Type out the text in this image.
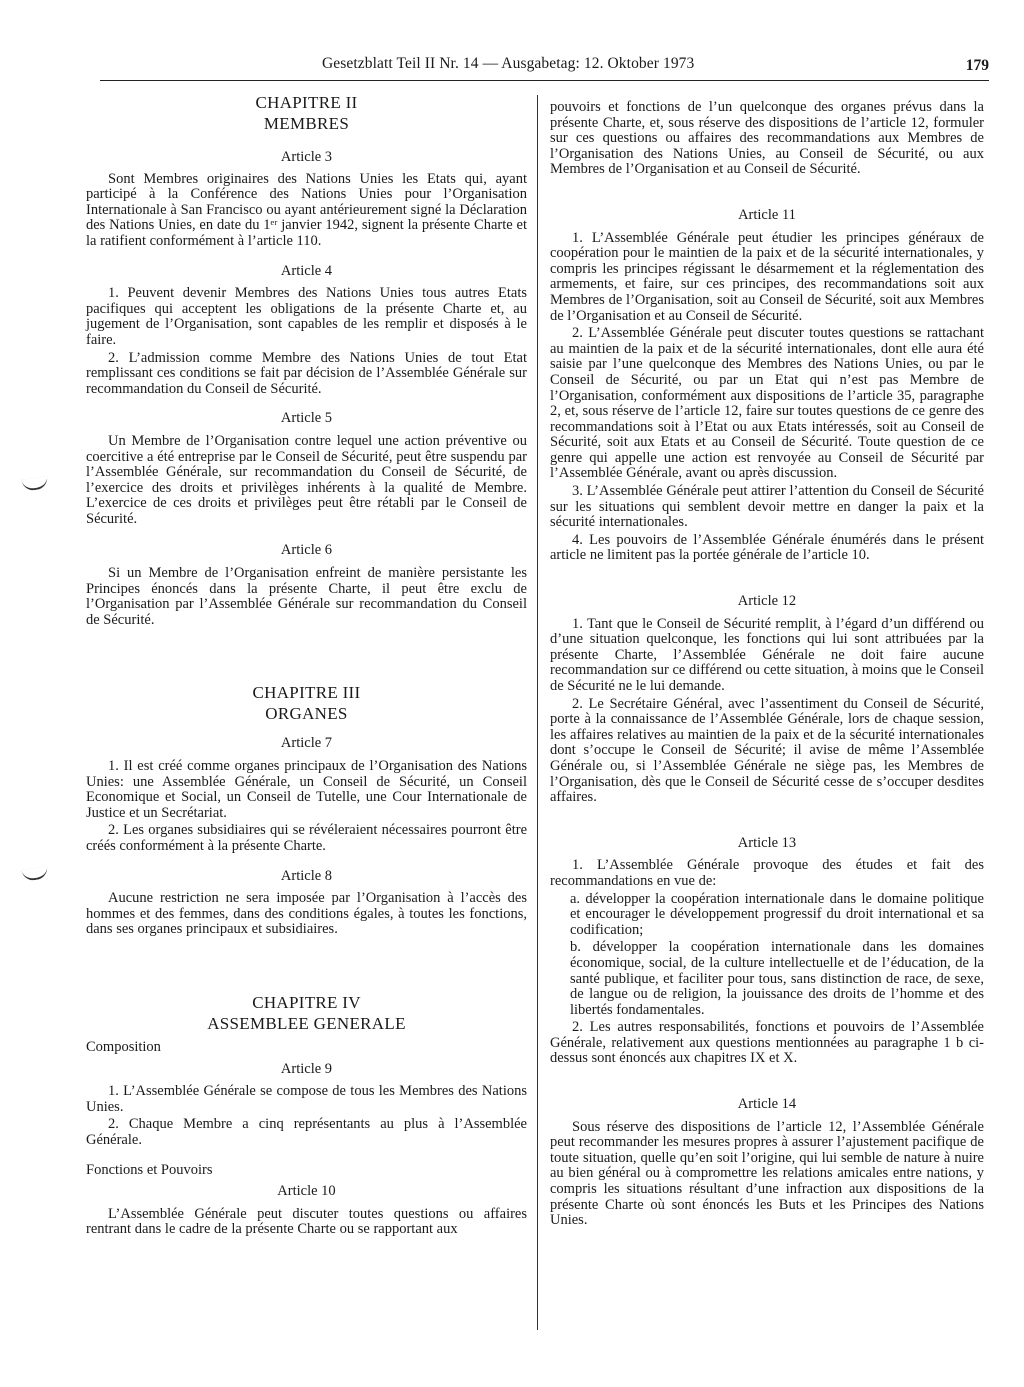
Gesetzblatt Teil II Nr. 14 — Ausgabetag: 12. Oktober 1973	179
CHAPITRE II
MEMBRES

Article 3

Sont Membres originaires des Nations Unies les Etats qui, ayant participé à la Conférence des Nations Unies pour l’Organisation Internationale à San Francisco ou ayant antérieurement signé la Déclaration des Nations Unies, en date du 1ᵉʳ janvier 1942, signent la présente Charte et la ratifient conformément à l’article 110.

Article 4

1. Peuvent devenir Membres des Nations Unies tous autres Etats pacifiques qui acceptent les obligations de la présente Charte et, au jugement de l’Organisation, sont capables de les remplir et disposés à le faire.

2. L’admission comme Membre des Nations Unies de tout Etat remplissant ces conditions se fait par décision de l’Assemblée Générale sur recommandation du Conseil de Sécurité.

Article 5

Un Membre de l’Organisation contre lequel une action préventive ou coercitive a été entreprise par le Conseil de Sécurité, peut être suspendu par l’Assemblée Générale, sur recommandation du Conseil de Sécurité, de l’exercice des droits et privilèges inhérents à la qualité de Membre. L’exercice de ces droits et privilèges peut être rétabli par le Conseil de Sécurité.

Article 6

Si un Membre de l’Organisation enfreint de manière persistante les Principes énoncés dans la présente Charte, il peut être exclu de l’Organisation par l’Assemblée Générale sur recommandation du Conseil de Sécurité.

CHAPITRE III
ORGANES

Article 7

1. Il est créé comme organes principaux de l’Organisation des Nations Unies: une Assemblée Générale, un Conseil de Sécurité, un Conseil Economique et Social, un Conseil de Tutelle, une Cour Internationale de Justice et un Secrétariat.

2. Les organes subsidiaires qui se révéleraient nécessaires pourront être créés conformément à la présente Charte.

Article 8

Aucune restriction ne sera imposée par l’Organisation à l’accès des hommes et des femmes, dans des conditions égales, à toutes les fonctions, dans ses organes principaux et subsidiaires.

CHAPITRE IV
ASSEMBLEE GENERALE

Composition

Article 9

1. L’Assemblée Générale se compose de tous les Membres des Nations Unies.

2. Chaque Membre a cinq représentants au plus à l’Assemblée Générale.

Fonctions et Pouvoirs

Article 10

L’Assemblée Générale peut discuter toutes questions ou affaires rentrant dans le cadre de la présente Charte ou se rapportant aux

pouvoirs et fonctions de l’un quelconque des organes prévus dans la présente Charte, et, sous réserve des dispositions de l’article 12, formuler sur ces questions ou affaires des recommandations aux Membres de l’Organisation des Nations Unies, au Conseil de Sécurité, ou aux Membres de l’Organisation et au Conseil de Sécurité.

Article 11

1. L’Assemblée Générale peut étudier les principes généraux de coopération pour le maintien de la paix et de la sécurité internationales, y compris les principes régissant le désarmement et la réglementation des armements, et faire, sur ces principes, des recommandations soit aux Membres de l’Organisation, soit au Conseil de Sécurité, soit aux Membres de l’Organisation et au Conseil de Sécurité.

2. L’Assemblée Générale peut discuter toutes questions se rattachant au maintien de la paix et de la sécurité internationales, dont elle aura été saisie par l’une quelconque des Membres des Nations Unies, ou par le Conseil de Sécurité, ou par un Etat qui n’est pas Membre de l’Organisation, conformément aux dispositions de l’article 35, paragraphe 2, et, sous réserve de l’article 12, faire sur toutes questions de ce genre des recommandations soit à l’Etat ou aux Etats intéressés, soit au Conseil de Sécurité, soit aux Etats et au Conseil de Sécurité. Toute question de ce genre qui appelle une action est renvoyée au Conseil de Sécurité par l’Assemblée Générale, avant ou après discussion.

3. L’Assemblée Générale peut attirer l’attention du Conseil de Sécurité sur les situations qui semblent devoir mettre en danger la paix et la sécurité internationales.

4. Les pouvoirs de l’Assemblée Générale énumérés dans le présent article ne limitent pas la portée générale de l’article 10.

Article 12

1. Tant que le Conseil de Sécurité remplit, à l’égard d’un différend ou d’une situation quelconque, les fonctions qui lui sont attribuées par la présente Charte, l’Assemblée Générale ne doit faire aucune recommandation sur ce différend ou cette situation, à moins que le Conseil de Sécurité ne le lui demande.

2. Le Secrétaire Général, avec l’assentiment du Conseil de Sécurité, porte à la connaissance de l’Assemblée Générale, lors de chaque session, les affaires relatives au maintien de la paix et de la sécurité internationales dont s’occupe le Conseil de Sécurité; il avise de même l’Assemblée Générale ou, si l’Assemblée Générale ne siège pas, les Membres de l’Organisation, dès que le Conseil de Sécurité cesse de s’occuper desdites affaires.

Article 13

1. L’Assemblée Générale provoque des études et fait des recommandations en vue de:

a. développer la coopération internationale dans le domaine politique et encourager le développement progressif du droit international et sa codification;

b. développer la coopération internationale dans les domaines économique, social, de la culture intellectuelle et de l’éducation, de la santé publique, et faciliter pour tous, sans distinction de race, de sexe, de langue ou de religion, la jouissance des droits de l’homme et des libertés fondamentales.

2. Les autres responsabilités, fonctions et pouvoirs de l’Assemblée Générale, relativement aux questions mentionnées au paragraphe 1 b ci-dessus sont énoncés aux chapitres IX et X.

Article 14

Sous réserve des dispositions de l’article 12, l’Assemblée Générale peut recommander les mesures propres à assurer l’ajustement pacifique de toute situation, quelle qu’en soit l’origine, qui lui semble de nature à nuire au bien général ou à compromettre les relations amicales entre nations, y compris les situations résultant d’une infraction aux dispositions de la présente Charte où sont énoncés les Buts et les Principes des Nations Unies.
